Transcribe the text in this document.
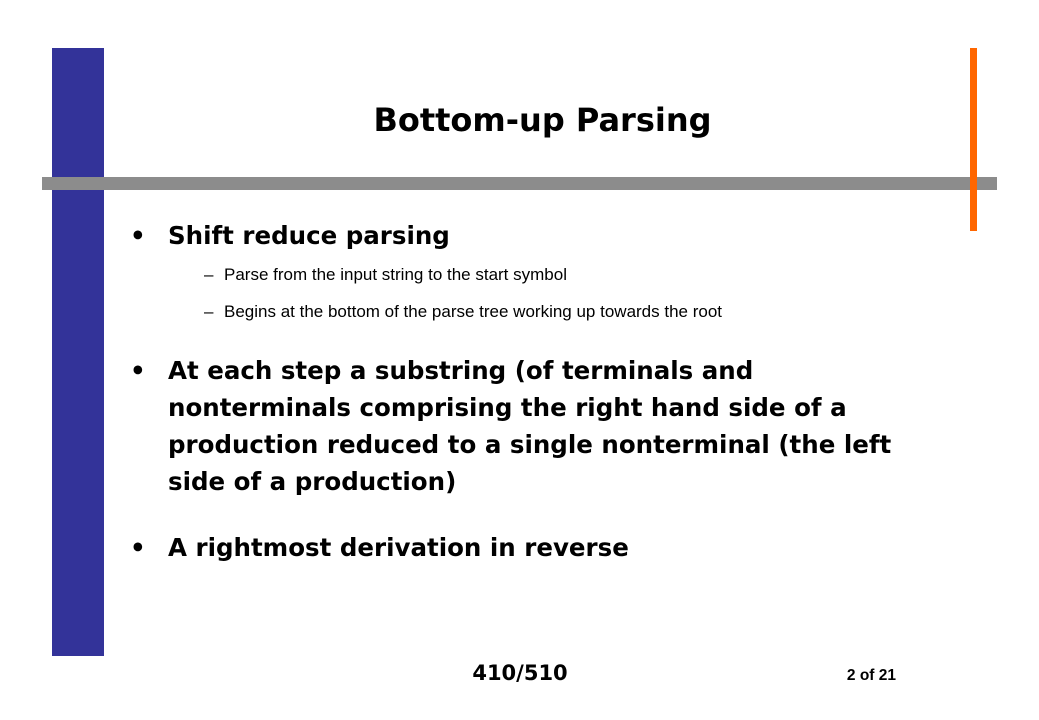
Bottom-up Parsing
• Shift reduce parsing
– Parse from the input string to the start symbol
– Begins at the bottom of the parse tree working up towards the root
• At each step a substring (of terminals and nonterminals comprising the right hand side of a production reduced to a single nonterminal (the left side of a production)
• A rightmost derivation in reverse
410/510	2 of 21
